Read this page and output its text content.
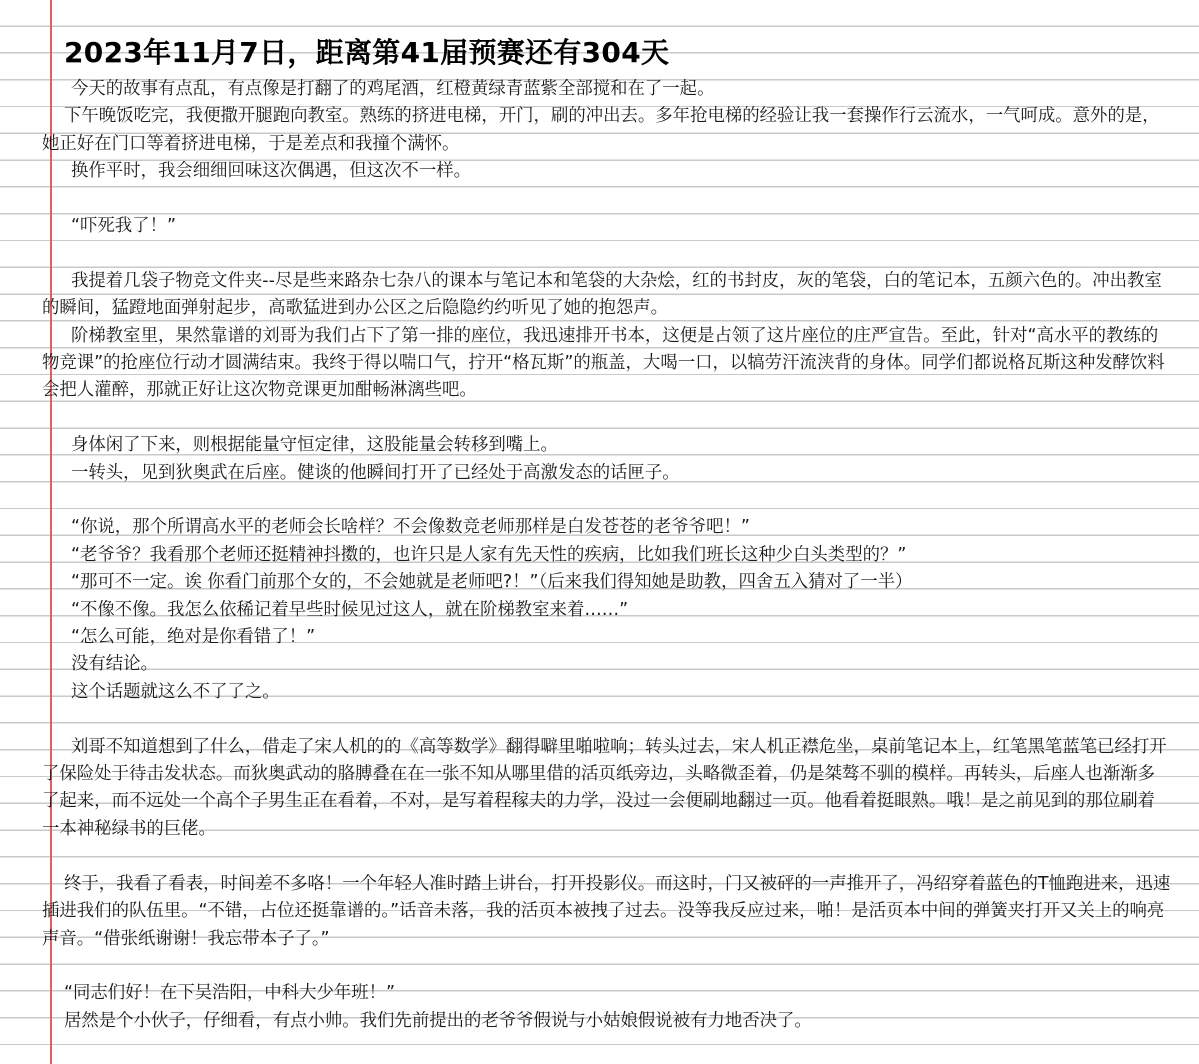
2023年11月7日，距离第41届预赛还有304天

今天的故事有点乱，有点像是打翻了的鸡尾酒，红橙黄绿青蓝紫全部搅和在了一起。

下午晚饭吃完，我便撒开腿跑向教室。熟练的挤进电梯，开门，刷的冲出去。多年抢电梯的经验让我一套操作行云流水，一气呵成。意外的是，她正好在门口等着挤进电梯，于是差点和我撞个满怀。

换作平时，我会细细回味这次偶遇，但这次不一样。

“吓死我了！”

我提着几袋子物竞文件夹--尽是些来路杂七杂八的课本与笔记本和笔袋的大杂烩，红的书封皮，灰的笔袋，白的笔记本，五颜六色的。冲出教室的瞬间，猛蹬地面弹射起步，高歌猛进到办公区之后隐隐约约听见了她的抱怨声。

阶梯教室里，果然靠谱的刘哥为我们占下了第一排的座位，我迅速排开书本，这便是占领了这片座位的庄严宣告。至此，针对“高水平的教练的物竞课”的抢座位行动才圆满结束。我终于得以喘口气，拧开“格瓦斯”的瓶盖，大喝一口，以犒劳汗流浃背的身体。同学们都说格瓦斯这种发酵饮料会把人灌醉，那就正好让这次物竞课更加酣畅淋漓些吧。

身体闲了下来，则根据能量守恒定律，这股能量会转移到嘴上。

一转头，见到狄奥武在后座。健谈的他瞬间打开了已经处于高激发态的话匣子。

“你说，那个所谓高水平的老师会长啥样？不会像数竞老师那样是白发苍苍的老爷爷吧！”

“老爷爷？我看那个老师还挺精神抖擞的，也许只是人家有先天性的疾病，比如我们班长这种少白头类型的？”

“那可不一定。诶 你看门前那个女的，不会她就是老师吧?！”（后来我们得知她是助教，四舍五入猜对了一半）

“不像不像。我怎么依稀记着早些时候见过这人，就在阶梯教室来着……”

“怎么可能，绝对是你看错了！”

没有结论。

这个话题就这么不了了之。

刘哥不知道想到了什么，借走了宋人机的的《高等数学》翻得噼里啪啦响；转头过去，宋人机正襟危坐，桌前笔记本上，红笔黑笔蓝笔已经打开了保险处于待击发状态。而狄奥武动的胳膊叠在在一张不知从哪里借的活页纸旁边，头略微歪着，仍是桀骜不驯的模样。再转头，后座人也渐渐多了起来，而不远处一个高个子男生正在看着，不对，是写着程稼夫的力学，没过一会便刷地翻过一页。他看着挺眼熟。哦！是之前见到的那位刷着一本神秘绿书的巨佬。

终于，我看了看表，时间差不多咯！一个年轻人准时踏上讲台，打开投影仪。而这时，门又被砰的一声推开了，冯绍穿着蓝色的T恤跑进来，迅速插进我们的队伍里。“不错，占位还挺靠谱的。”话音未落，我的活页本被拽了过去。没等我反应过来，啪！是活页本中间的弹簧夹打开又关上的响亮声音。“借张纸谢谢！我忘带本子了。”

“同志们好！在下吴浩阳，中科大少年班！”

居然是个小伙子，仔细看，有点小帅。我们先前提出的老爷爷假说与小姑娘假说被有力地否决了。
